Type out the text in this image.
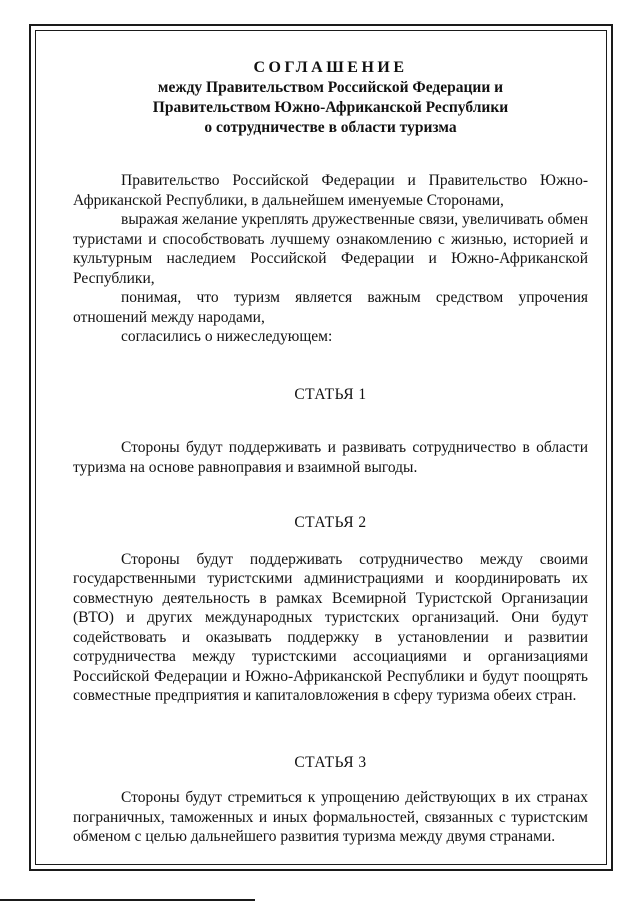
СОГЛАШЕНИЕ
между Правительством Российской Федерации и
Правительством Южно-Африканской Республики
о сотрудничестве в области туризма

Правительство Российской Федерации и Правительство Южно-Африканской Республики, в дальнейшем именуемые Сторонами,

выражая желание укреплять дружественные связи, увеличивать обмен туристами и способствовать лучшему ознакомлению с жизнью, историей и культурным наследием Российской Федерации и Южно-Африканской Республики,

понимая, что туризм является важным средством упрочения отношений между народами,

согласились о нижеследующем:

СТАТЬЯ 1

Стороны будут поддерживать и развивать сотрудничество в области туризма на основе равноправия и взаимной выгоды.

СТАТЬЯ 2

Стороны будут поддерживать сотрудничество между своими государственными туристскими администрациями и координировать их совместную деятельность в рамках Всемирной Туристской Организации (ВТО) и других международных туристских организаций. Они будут содействовать и оказывать поддержку в установлении и развитии сотрудничества между туристскими ассоциациями и организациями Российской Федерации и Южно-Африканской Республики и будут поощрять совместные предприятия и капиталовложения в сферу туризма обеих стран.

СТАТЬЯ 3

Стороны будут стремиться к упрощению действующих в их странах пограничных, таможенных и иных формальностей, связанных с туристским обменом с целью дальнейшего развития туризма между двумя странами.
